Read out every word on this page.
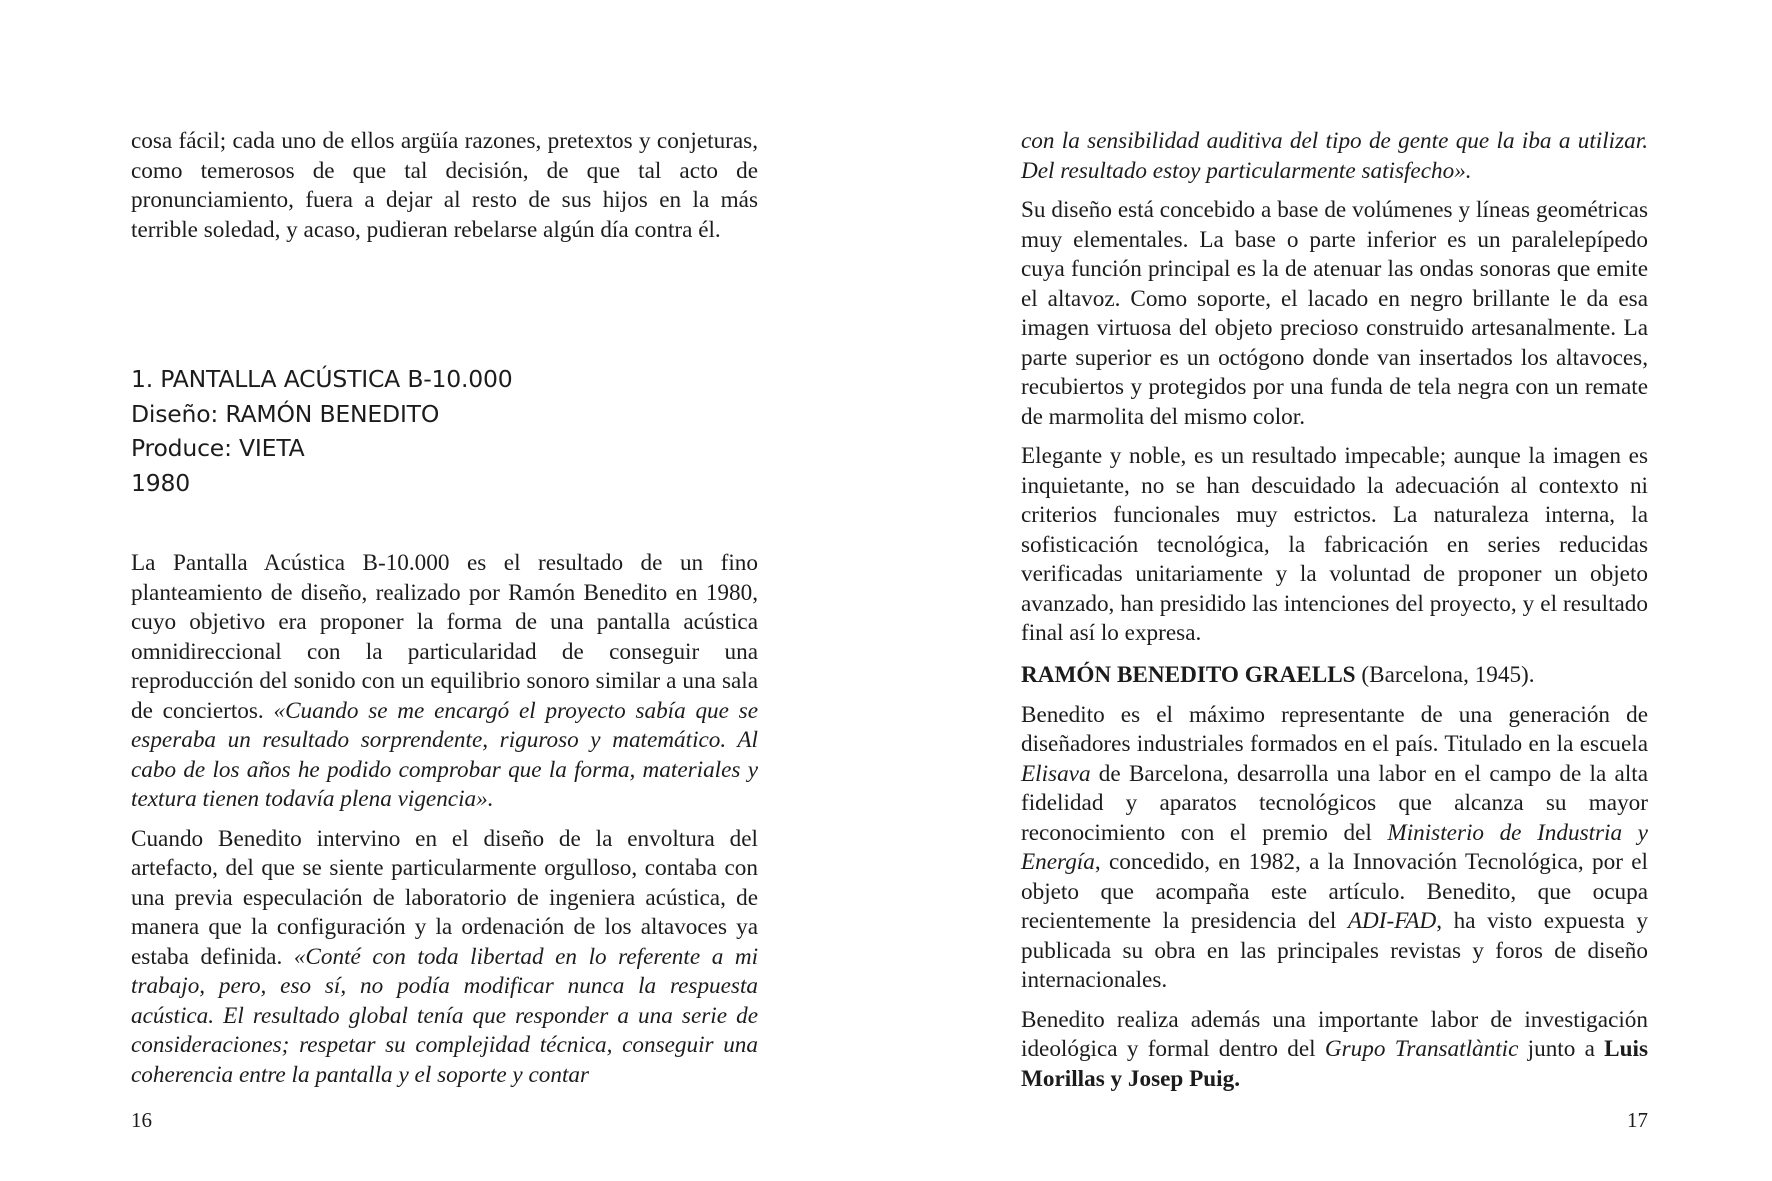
cosa fácil; cada uno de ellos argüía razones, pretextos y conjeturas, como temerosos de que tal decisión, de que tal acto de pronunciamiento, fuera a dejar al resto de sus hijos en la más terrible soledad, y acaso, pudieran rebelarse algún día contra él.

1. PANTALLA ACÚSTICA B-10.000
Diseño: RAMÓN BENEDITO
Produce: VIETA
1980

La Pantalla Acústica B-10.000 es el resultado de un fino planteamiento de diseño, realizado por Ramón Benedito en 1980, cuyo objetivo era proponer la forma de una pantalla acústica omnidireccional con la particularidad de conseguir una reproducción del sonido con un equilibrio sonoro similar a una sala de conciertos. «Cuando se me encargó el proyecto sabía que se esperaba un resultado sorprendente, riguroso y matemático. Al cabo de los años he podido comprobar que la forma, materiales y textura tienen todavía plena vigencia».

Cuando Benedito intervino en el diseño de la envoltura del artefacto, del que se siente particularmente orgulloso, contaba con una previa especulación de laboratorio de ingeniera acústica, de manera que la configuración y la ordenación de los altavoces ya estaba definida. «Conté con toda libertad en lo referente a mi trabajo, pero, eso sí, no podía modificar nunca la respuesta acústica. El resultado global tenía que responder a una serie de consideraciones; respetar su complejidad técnica, conseguir una coherencia entre la pantalla y el soporte y contar

16

con la sensibilidad auditiva del tipo de gente que la iba a utilizar. Del resultado estoy particularmente satisfecho».

Su diseño está concebido a base de volúmenes y líneas geométricas muy elementales. La base o parte inferior es un paralelepípedo cuya función principal es la de atenuar las ondas sonoras que emite el altavoz. Como soporte, el lacado en negro brillante le da esa imagen virtuosa del objeto precioso construido artesanalmente. La parte superior es un octógono donde van insertados los altavoces, recubiertos y protegidos por una funda de tela negra con un remate de marmolita del mismo color.

Elegante y noble, es un resultado impecable; aunque la imagen es inquietante, no se han descuidado la adecuación al contexto ni criterios funcionales muy estrictos. La naturaleza interna, la sofisticación tecnológica, la fabricación en series reducidas verificadas unitariamente y la voluntad de proponer un objeto avanzado, han presidido las intenciones del proyecto, y el resultado final así lo expresa.

RAMÓN BENEDITO GRAELLS (Barcelona, 1945).

Benedito es el máximo representante de una generación de diseñadores industriales formados en el país. Titulado en la escuela Elisava de Barcelona, desarrolla una labor en el campo de la alta fidelidad y aparatos tecnológicos que alcanza su mayor reconocimiento con el premio del Ministerio de Industria y Energía, concedido, en 1982, a la Innovación Tecnológica, por el objeto que acompaña este artículo. Benedito, que ocupa recientemente la presidencia del ADI-FAD, ha visto expuesta y publicada su obra en las principales revistas y foros de diseño internacionales.

Benedito realiza además una importante labor de investigación ideológica y formal dentro del Grupo Transatlàntic junto a Luis Morillas y Josep Puig.

17
